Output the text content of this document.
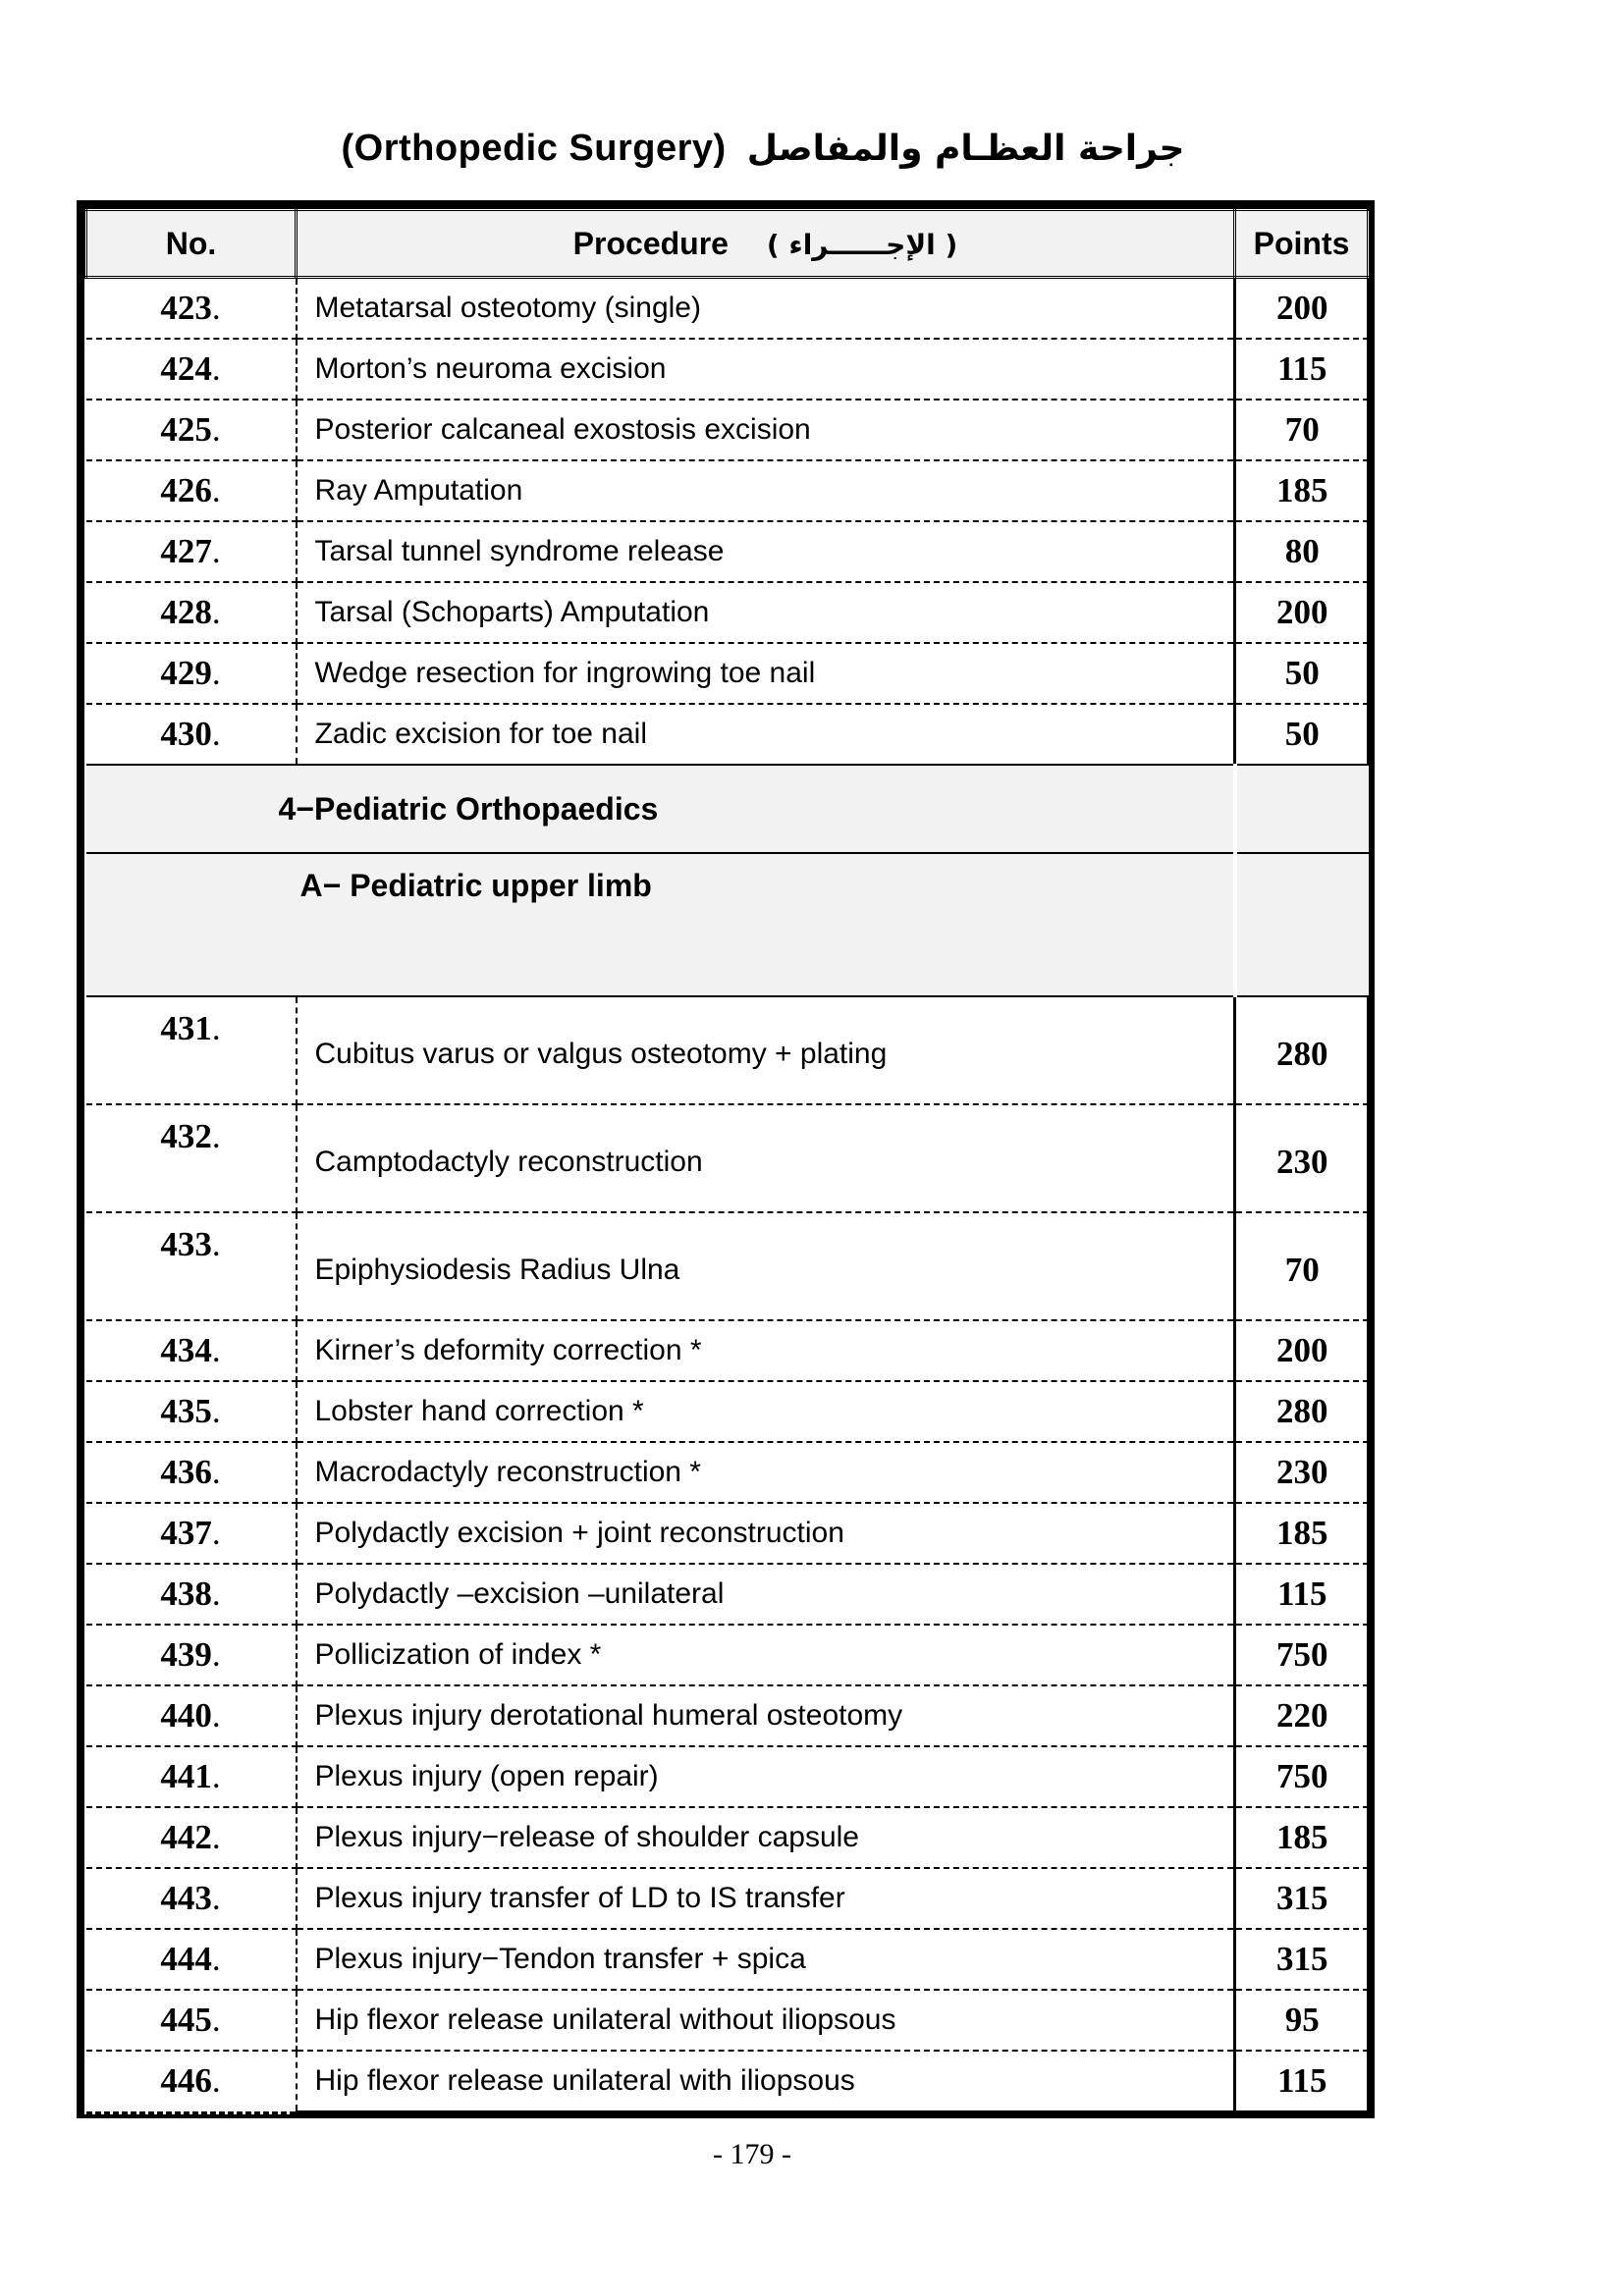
(Orthopedic Surgery) جراحة العظـام والمفاصل
No.	Procedure ( الإجــــــراء )	Points
423.	Metatarsal osteotomy (single)	200
424.	Morton’s neuroma excision	115
425.	Posterior calcaneal exostosis excision	70
426.	Ray Amputation	185
427.	Tarsal tunnel syndrome release	80
428.	Tarsal (Schoparts) Amputation	200
429.	Wedge resection for ingrowing toe nail	50
430.	Zadic excision for toe nail	50
4−Pediatric Orthopaedics		
A− Pediatric upper limb		
431.	Cubitus varus or valgus osteotomy + plating	280
432.	Camptodactyly reconstruction	230
433.	Epiphysiodesis Radius Ulna	70
434.	Kirner’s deformity correction *	200
435.	Lobster hand correction *	280
436.	Macrodactyly reconstruction *	230
437.	Polydactly excision + joint reconstruction	185
438.	Polydactly –excision –unilateral	115
439.	Pollicization of index *	750
440.	Plexus injury derotational humeral osteotomy	220
441.	Plexus injury (open repair)	750
442.	Plexus injury−release of shoulder capsule	185
443.	Plexus injury transfer of LD to IS transfer	315
444.	Plexus injury−Tendon transfer + spica	315
445.	Hip flexor release unilateral without iliopsous	95
446.	Hip flexor release unilateral with iliopsous	115
- 179 -
